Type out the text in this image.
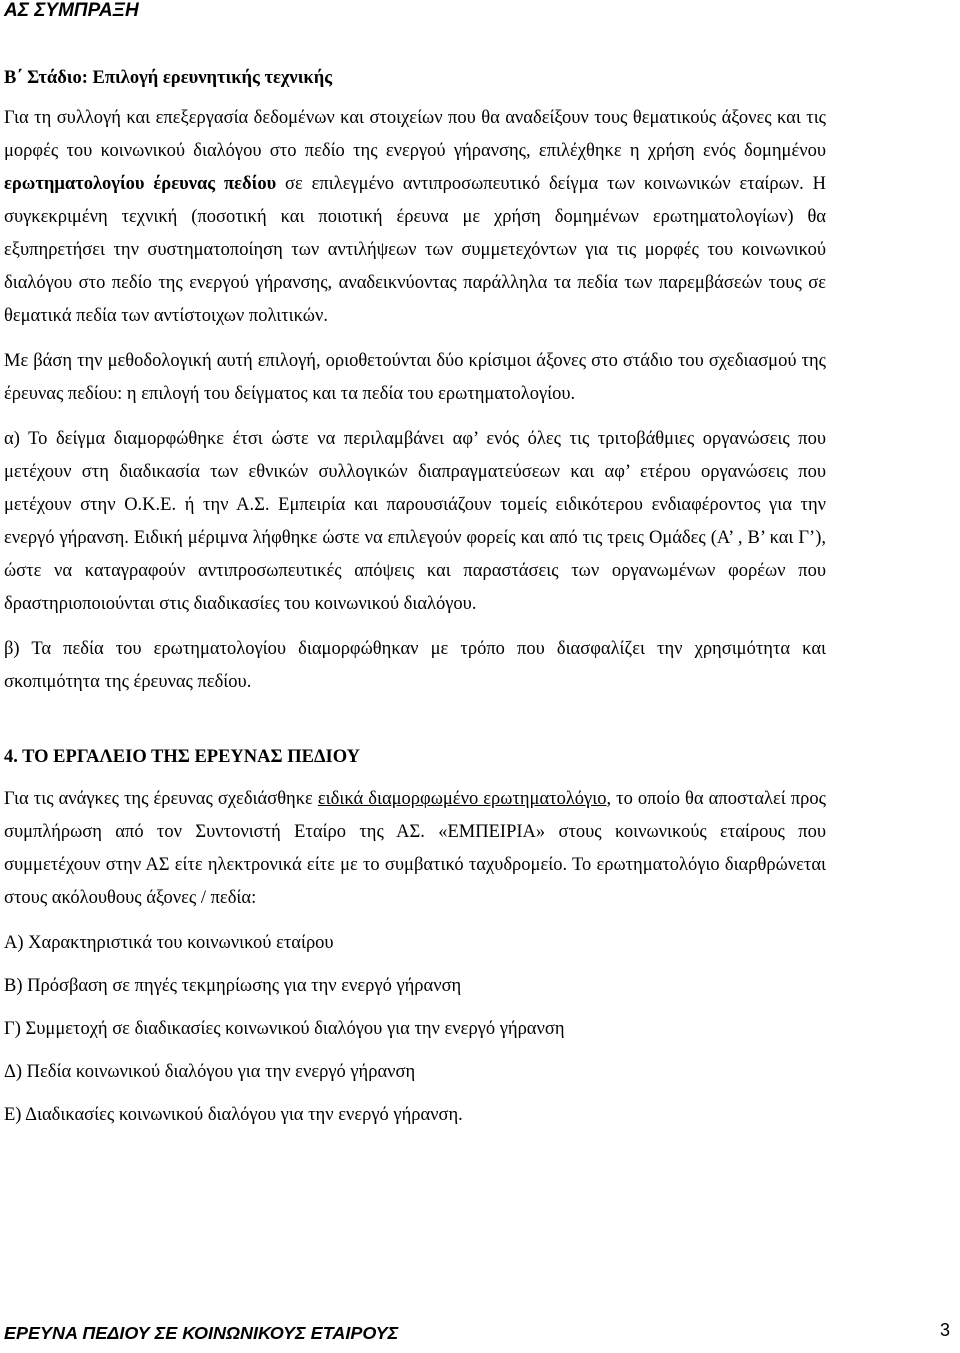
ΑΣ ΣΥΜΠΡΑΞΗ
Β΄ Στάδιο: Επιλογή ερευνητικής τεχνικής

Για τη συλλογή και επεξεργασία δεδομένων και στοιχείων που θα αναδείξουν τους θεματικούς άξονες και τις μορφές του κοινωνικού διαλόγου στο πεδίο της ενεργού γήρανσης, επιλέχθηκε η χρήση ενός δομημένου ερωτηματολογίου έρευνας πεδίου σε επιλεγμένο αντιπροσωπευτικό δείγμα των κοινωνικών εταίρων. Η συγκεκριμένη τεχνική (ποσοτική και ποιοτική έρευνα με χρήση δομημένων ερωτηματολογίων) θα εξυπηρετήσει την συστηματοποίηση των αντιλήψεων των συμμετεχόντων για τις μορφές του κοινωνικού διαλόγου στο πεδίο της ενεργού γήρανσης, αναδεικνύοντας παράλληλα τα πεδία των παρεμβάσεών τους σε θεματικά πεδία των αντίστοιχων πολιτικών.

Με βάση την μεθοδολογική αυτή επιλογή, οριοθετούνται δύο κρίσιμοι άξονες στο στάδιο του σχεδιασμού της έρευνας πεδίου: η επιλογή του δείγματος και τα πεδία του ερωτηματολογίου.

α) Το δείγμα διαμορφώθηκε έτσι ώστε να περιλαμβάνει αφ’ ενός όλες τις τριτοβάθμιες οργανώσεις που μετέχουν στη διαδικασία των εθνικών συλλογικών διαπραγματεύσεων και αφ’ ετέρου οργανώσεις που μετέχουν στην Ο.Κ.Ε. ή την Α.Σ. Εμπειρία και παρουσιάζουν τομείς ειδικότερου ενδιαφέροντος για την ενεργό γήρανση. Ειδική μέριμνα λήφθηκε ώστε να επιλεγούν φορείς και από τις τρεις Ομάδες (Α’ , Β’ και Γ’), ώστε να καταγραφούν αντιπροσωπευτικές απόψεις και παραστάσεις των οργανωμένων φορέων που δραστηριοποιούνται στις διαδικασίες του κοινωνικού διαλόγου.

β) Τα πεδία του ερωτηματολογίου διαμορφώθηκαν με τρόπο που διασφαλίζει την χρησιμότητα και σκοπιμότητα της έρευνας πεδίου.

4. ΤΟ ΕΡΓΑΛΕΙΟ ΤΗΣ ΕΡΕΥΝΑΣ ΠΕΔΙΟΥ

Για τις ανάγκες της έρευνας σχεδιάσθηκε ειδικά διαμορφωμένο ερωτηματολόγιο, το οποίο θα αποσταλεί προς συμπλήρωση από τον Συντονιστή Εταίρο της ΑΣ. «ΕΜΠΕΙΡΙΑ» στους κοινωνικούς εταίρους που συμμετέχουν στην ΑΣ είτε ηλεκτρονικά είτε με το συμβατικό ταχυδρομείο. Το ερωτηματολόγιο διαρθρώνεται στους ακόλουθους άξονες / πεδία:

Α) Χαρακτηριστικά του κοινωνικού εταίρου
Β) Πρόσβαση σε πηγές τεκμηρίωσης για την ενεργό γήρανση
Γ) Συμμετοχή σε διαδικασίες κοινωνικού διαλόγου για την ενεργό γήρανση
Δ) Πεδία κοινωνικού διαλόγου για την ενεργό γήρανση
Ε) Διαδικασίες κοινωνικού διαλόγου για την ενεργό γήρανση.
ΕΡΕΥΝΑ ΠΕΔΙΟΥ ΣΕ ΚΟΙΝΩΝΙΚΟΥΣ ΕΤΑΙΡΟΥΣ	3
